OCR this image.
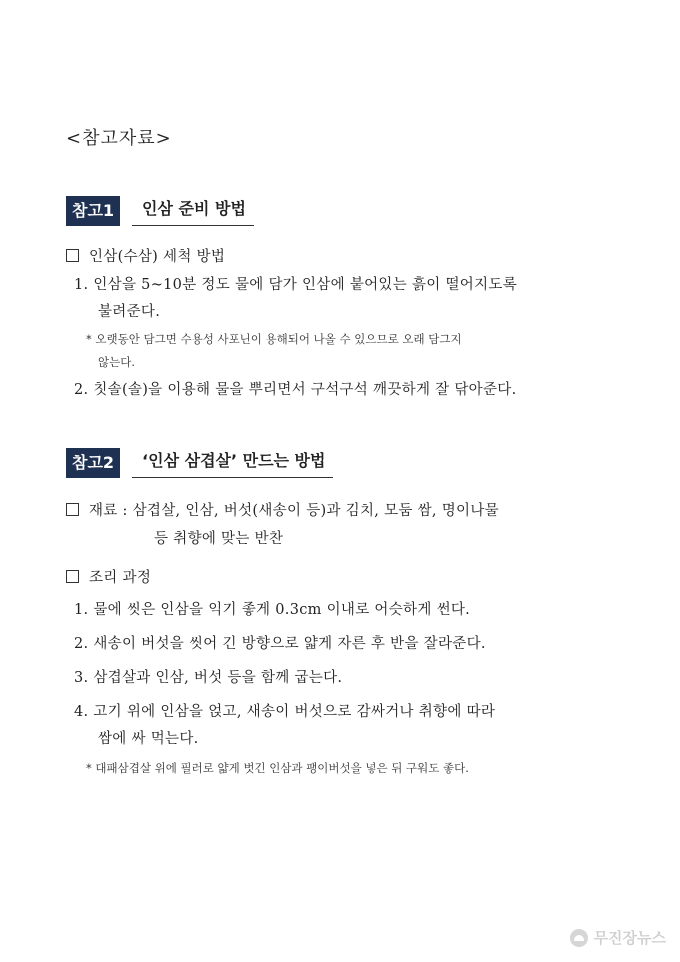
<참고자료>
참고1	인삼 준비 방법
인삼(수삼) 세척 방법
1. 인삼을 5~10분 정도 물에 담가 인삼에 붙어있는 흙이 떨어지도록
불려준다.
* 오랫동안 담그면 수용성 사포닌이 용해되어 나올 수 있으므로 오래 담그지
않는다.
2. 칫솔(솔)을 이용해 물을 뿌리면서 구석구석 깨끗하게 잘 닦아준다.
참고2	‘인삼 삼겹살’ 만드는 방법
재료 : 삼겹살, 인삼, 버섯(새송이 등)과 김치, 모둠 쌈, 명이나물
등 취향에 맞는 반찬
조리 과정
1. 물에 씻은 인삼을 익기 좋게 0.3cm 이내로 어슷하게 썬다.
2. 새송이 버섯을 씻어 긴 방향으로 얇게 자른 후 반을 잘라준다.
3. 삼겹살과 인삼, 버섯 등을 함께 굽는다.
4. 고기 위에 인삼을 얹고, 새송이 버섯으로 감싸거나 취향에 따라
쌈에 싸 먹는다.
* 대패삼겹살 위에 필러로 얇게 벗긴 인삼과 팽이버섯을 넣은 뒤 구워도 좋다.
무진장뉴스
